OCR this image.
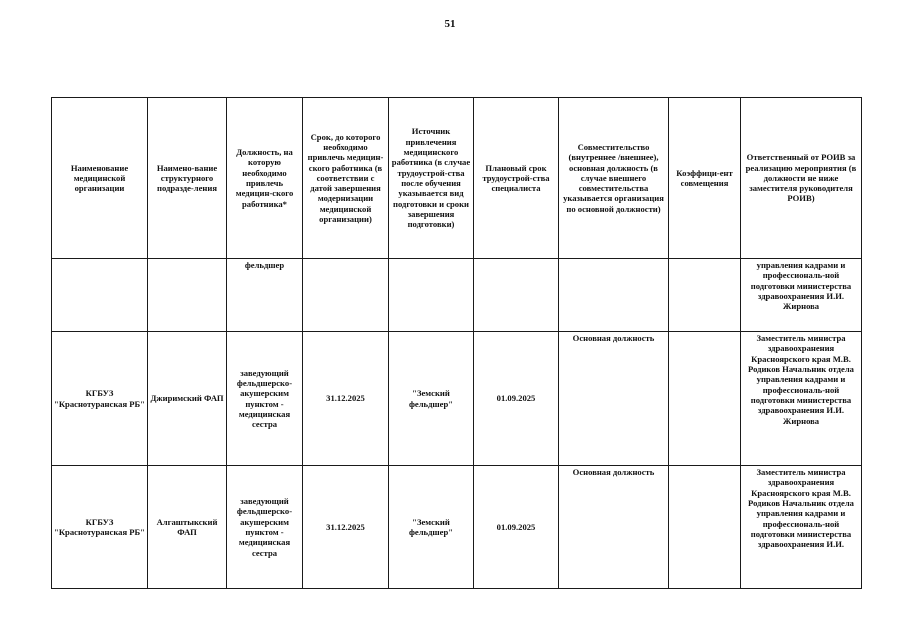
51
Наименование медицинской организации	Наимено-вание структурного подразде-ления	Должность, на которую необходимо привлечь медицин-ского работника*	Срок, до которого необходимо привлечь медицин-ского работника (в соответствии с датой завершения модернизации медицинской организации)	Источник привлечения медицинского работника (в случае трудоустрой-ства после обучения указывается вид подготовки и сроки завершения подготовки)	Плановый срок трудоустрой-ства специалиста	Совместительство (внутреннее /внешнее), основная должность (в случае внешнего совместительства указывается организация по основной должности)	Коэффици-ент совмещения	Ответственный от РОИВ за реализацию мероприятия (в должности не ниже заместителя руководителя РОИВ)
		фельдшер						управления кадрами и профессиональ-ной подготовки министерства здравоохранения И.И. Жирнова
КГБУЗ "Краснотуранская РБ"	Джиримский ФАП	заведующий фельдшерско-акушерским пунктом - медицинская сестра	31.12.2025	"Земский фельдшер"	01.09.2025	Основная должность		Заместитель министра здравоохранения Красноярского края М.В. Родиков Начальник отдела управления кадрами и профессиональ-ной подготовки министерства здравоохранения И.И. Жирнова
КГБУЗ "Краснотуранская РБ"	Алгаштыкский ФАП	заведующий фельдшерско-акушерским пунктом - медицинская сестра	31.12.2025	"Земский фельдшер"	01.09.2025	Основная должность		Заместитель министра здравоохранения Красноярского края М.В. Родиков Начальник отдела управления кадрами и профессиональ-ной подготовки министерства здравоохранения И.И.
